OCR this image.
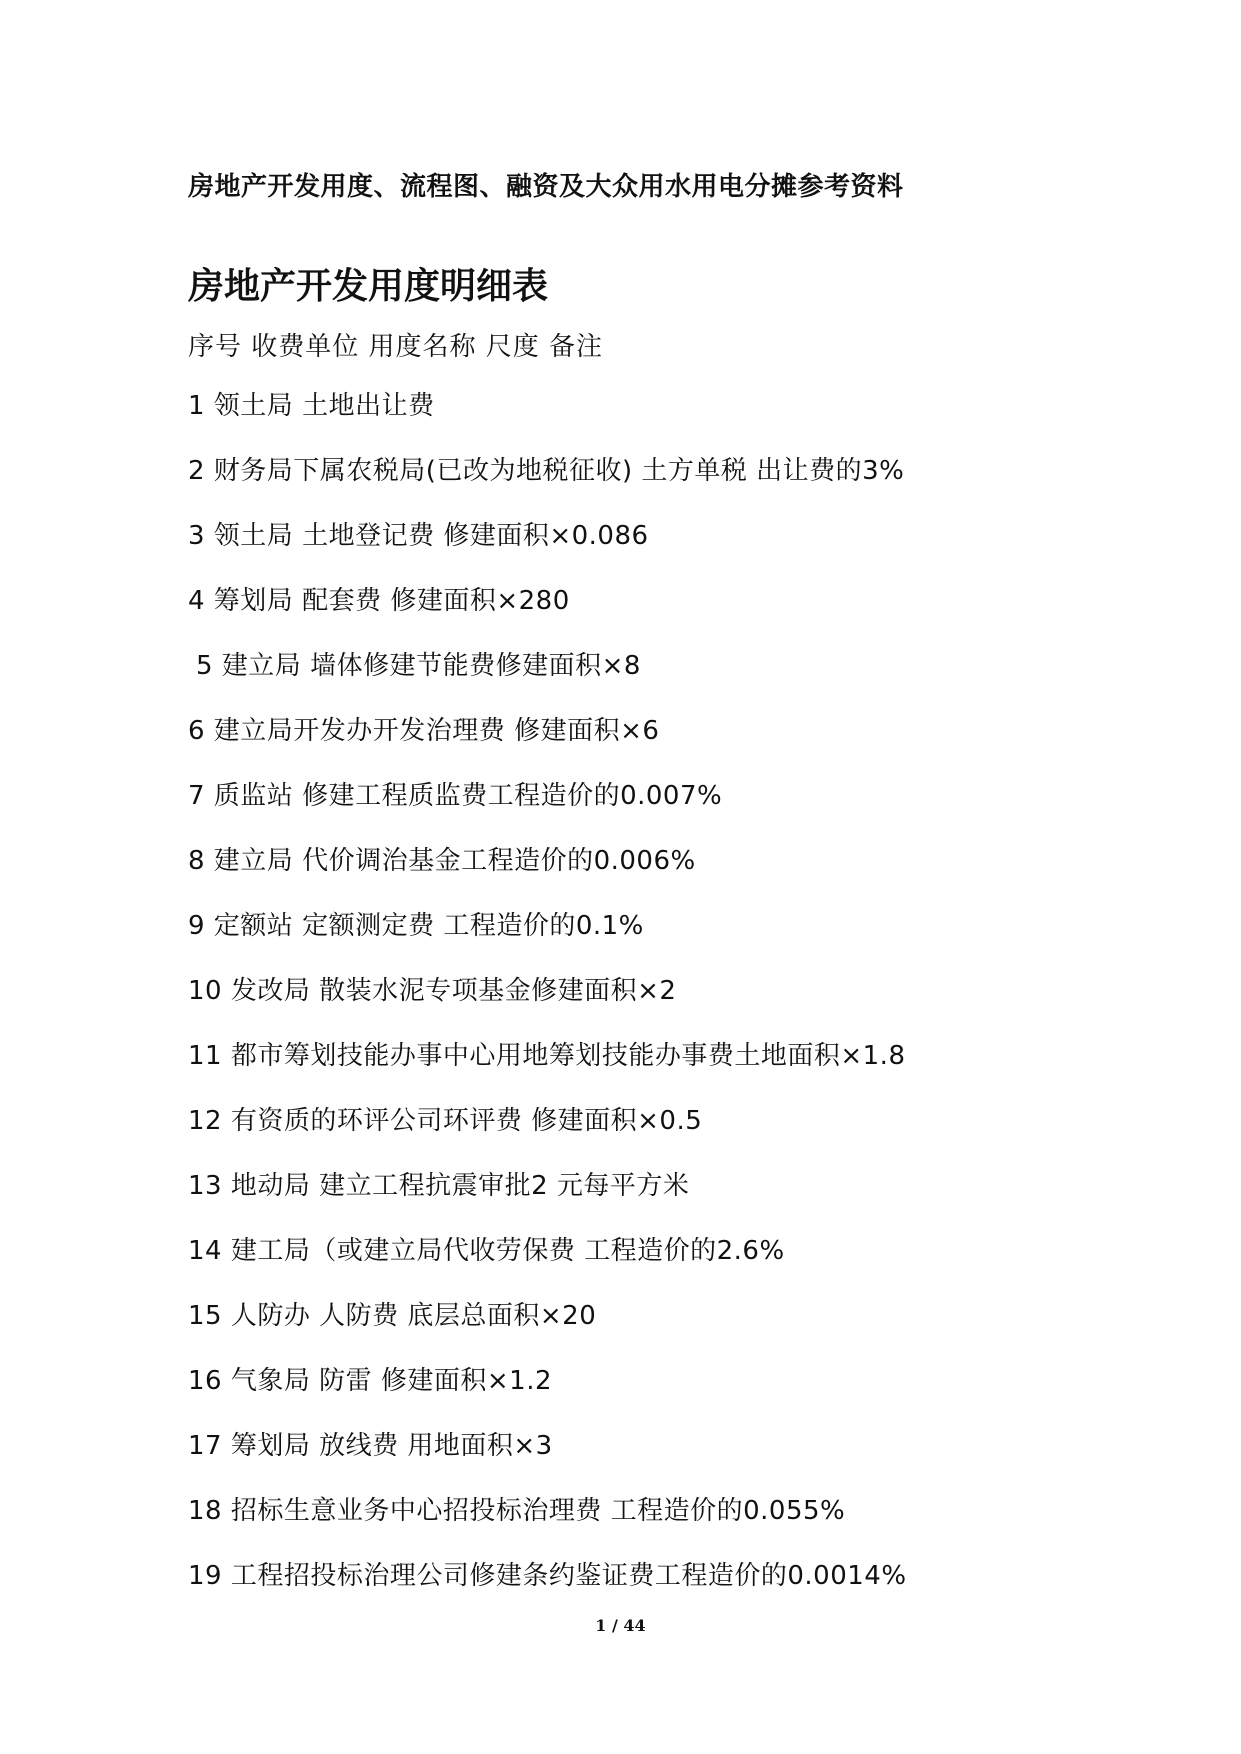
房地产开发用度、流程图、融资及大众用水用电分摊参考资料
房地产开发用度明细表
序号 收费单位 用度名称 尺度 备注
1 领土局 土地出让费
2 财务局下属农税局(已改为地税征收) 土方单税 出让费的3%
3 领土局 土地登记费 修建面积×0.086
4 筹划局 配套费 修建面积×280
5 建立局 墙体修建节能费修建面积×8
6 建立局开发办开发治理费 修建面积×6
7 质监站 修建工程质监费工程造价的0.007%
8 建立局 代价调治基金工程造价的0.006%
9 定额站 定额测定费 工程造价的0.1%
10 发改局 散装水泥专项基金修建面积×2
11 都市筹划技能办事中心用地筹划技能办事费土地面积×1.8
12 有资质的环评公司环评费 修建面积×0.5
13 地动局 建立工程抗震审批2 元每平方米
14 建工局（或建立局代收劳保费 工程造价的2.6%
15 人防办 人防费 底层总面积×20
16 气象局 防雷 修建面积×1.2
17 筹划局 放线费 用地面积×3
18 招标生意业务中心招投标治理费 工程造价的0.055%
19 工程招投标治理公司修建条约鉴证费工程造价的0.0014%
1 / 44
